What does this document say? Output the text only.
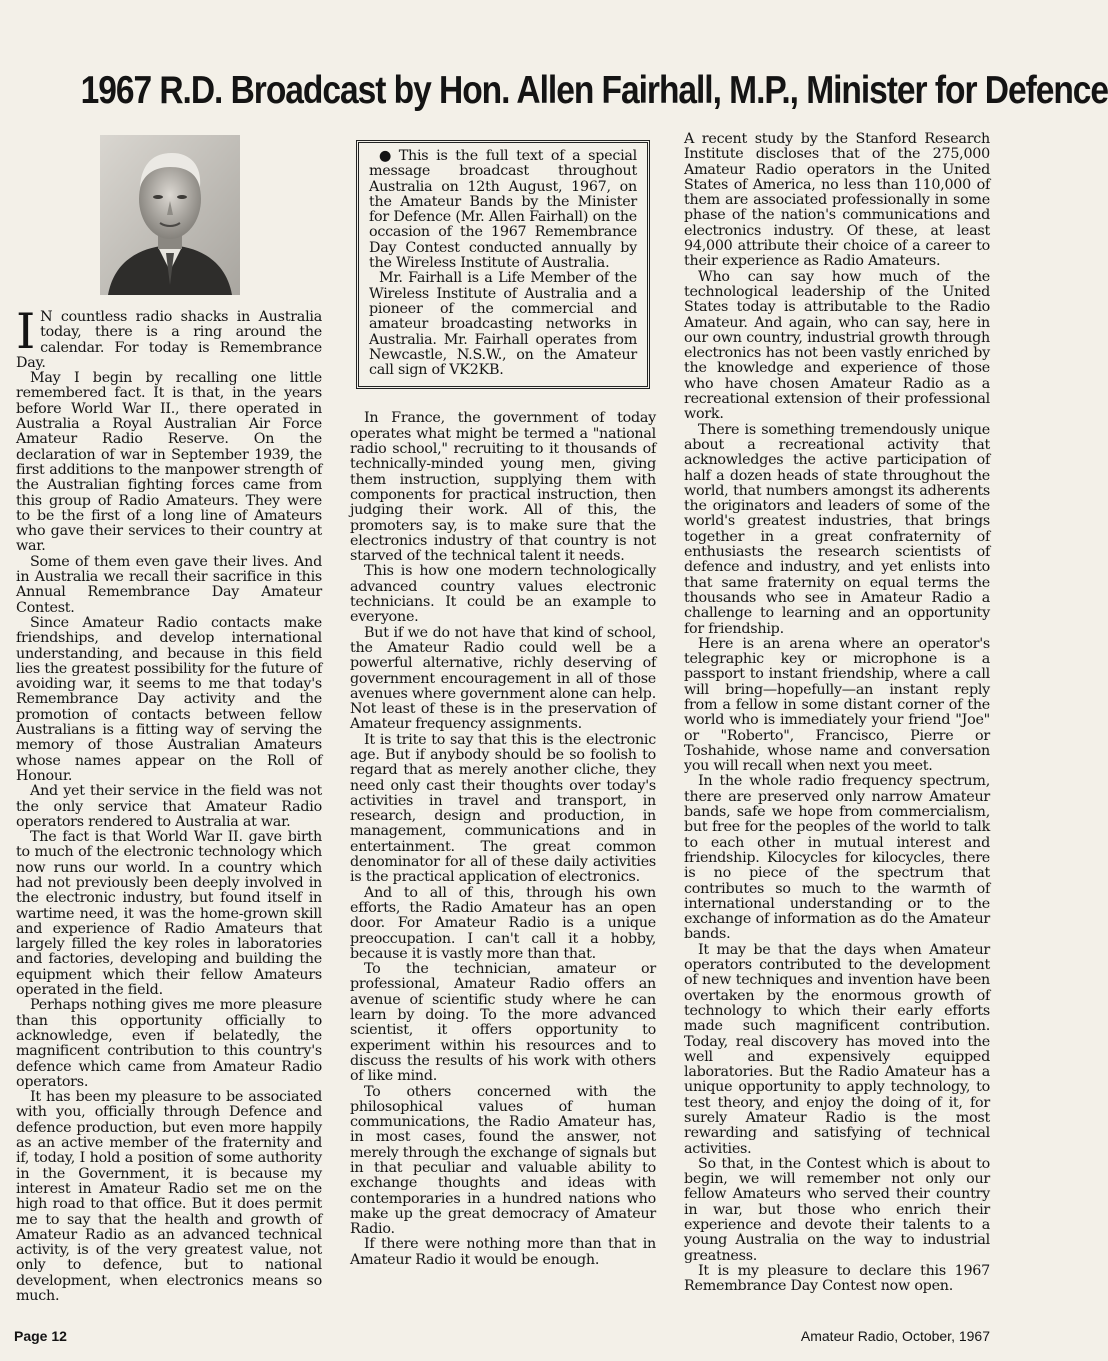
1967 R.D. Broadcast by Hon. Allen Fairhall, M.P., Minister for Defence

I N countless radio shacks in Australia today, there is a ring around the calendar. For today is Remembrance Day.

May I begin by recalling one little remembered fact. It is that, in the years before World War II., there operated in Australia a Royal Australian Air Force Amateur Radio Reserve. On the declaration of war in September 1939, the first additions to the manpower strength of the Australian fighting forces came from this group of Radio Amateurs. They were to be the first of a long line of Amateurs who gave their services to their country at war.

Some of them even gave their lives. And in Australia we recall their sacrifice in this Annual Remembrance Day Amateur Contest.

Since Amateur Radio contacts make friendships, and develop international understanding, and because in this field lies the greatest possibility for the future of avoiding war, it seems to me that today's Remembrance Day activity and the promotion of contacts between fellow Australians is a fitting way of serving the memory of those Australian Amateurs whose names appear on the Roll of Honour.

And yet their service in the field was not the only service that Amateur Radio operators rendered to Australia at war.

The fact is that World War II. gave birth to much of the electronic technology which now runs our world. In a country which had not previously been deeply involved in the electronic industry, but found itself in wartime need, it was the home-grown skill and experience of Radio Amateurs that largely filled the key roles in laboratories and factories, developing and building the equipment which their fellow Amateurs operated in the field.

Perhaps nothing gives me more pleasure than this opportunity officially to acknowledge, even if belatedly, the magnificent contribution to this country's defence which came from Amateur Radio operators.

It has been my pleasure to be associated with you, officially through Defence and defence production, but even more happily as an active member of the fraternity and if, today, I hold a position of some authority in the Government, it is because my interest in Amateur Radio set me on the high road to that office. But it does permit me to say that the health and growth of Amateur Radio as an advanced technical activity, is of the very greatest value, not only to defence, but to national development, when electronics means so much.

● This is the full text of a special message broadcast throughout Australia on 12th August, 1967, on the Amateur Bands by the Minister for Defence (Mr. Allen Fairhall) on the occasion of the 1967 Remembrance Day Contest conducted annually by the Wireless Institute of Australia.

Mr. Fairhall is a Life Member of the Wireless Institute of Australia and a pioneer of the commercial and amateur broadcasting networks in Australia. Mr. Fairhall operates from Newcastle, N.S.W., on the Amateur call sign of VK2KB.

In France, the government of today operates what might be termed a "national radio school," recruiting to it thousands of technically-minded young men, giving them instruction, supplying them with components for practical instruction, then judging their work. All of this, the promoters say, is to make sure that the electronics industry of that country is not starved of the technical talent it needs.

This is how one modern technologically advanced country values electronic technicians. It could be an example to everyone.

But if we do not have that kind of school, the Amateur Radio could well be a powerful alternative, richly deserving of government encouragement in all of those avenues where government alone can help. Not least of these is in the preservation of Amateur frequency assignments.

It is trite to say that this is the electronic age. But if anybody should be so foolish to regard that as merely another cliche, they need only cast their thoughts over today's activities in travel and transport, in research, design and production, in management, communications and in entertainment. The great common denominator for all of these daily activities is the practical application of electronics.

And to all of this, through his own efforts, the Radio Amateur has an open door. For Amateur Radio is a unique preoccupation. I can't call it a hobby, because it is vastly more than that.

To the technician, amateur or professional, Amateur Radio offers an avenue of scientific study where he can learn by doing. To the more advanced scientist, it offers opportunity to experiment within his resources and to discuss the results of his work with others of like mind.

To others concerned with the philosophical values of human communications, the Radio Amateur has, in most cases, found the answer, not merely through the exchange of signals but in that peculiar and valuable ability to exchange thoughts and ideas with contemporaries in a hundred nations who make up the great democracy of Amateur Radio.

If there were nothing more than that in Amateur Radio it would be enough.

A recent study by the Stanford Research Institute discloses that of the 275,000 Amateur Radio operators in the United States of America, no less than 110,000 of them are associated professionally in some phase of the nation's communications and electronics industry. Of these, at least 94,000 attribute their choice of a career to their experience as Radio Amateurs.

Who can say how much of the technological leadership of the United States today is attributable to the Radio Amateur. And again, who can say, here in our own country, industrial growth through electronics has not been vastly enriched by the knowledge and experience of those who have chosen Amateur Radio as a recreational extension of their professional work.

There is something tremendously unique about a recreational activity that acknowledges the active participation of half a dozen heads of state throughout the world, that numbers amongst its adherents the originators and leaders of some of the world's greatest industries, that brings together in a great confraternity of enthusiasts the research scientists of defence and industry, and yet enlists into that same fraternity on equal terms the thousands who see in Amateur Radio a challenge to learning and an opportunity for friendship.

Here is an arena where an operator's telegraphic key or microphone is a passport to instant friendship, where a call will bring—hopefully—an instant reply from a fellow in some distant corner of the world who is immediately your friend "Joe" or "Roberto", Francisco, Pierre or Toshahide, whose name and conversation you will recall when next you meet.

In the whole radio frequency spectrum, there are preserved only narrow Amateur bands, safe we hope from commercialism, but free for the peoples of the world to talk to each other in mutual interest and friendship. Kilocycles for kilocycles, there is no piece of the spectrum that contributes so much to the warmth of international understanding or to the exchange of information as do the Amateur bands.

It may be that the days when Amateur operators contributed to the development of new techniques and invention have been overtaken by the enormous growth of technology to which their early efforts made such magnificent contribution. Today, real discovery has moved into the well and expensively equipped laboratories. But the Radio Amateur has a unique opportunity to apply technology, to test theory, and enjoy the doing of it, for surely Amateur Radio is the most rewarding and satisfying of technical activities.

So that, in the Contest which is about to begin, we will remember not only our fellow Amateurs who served their country in war, but those who enrich their experience and devote their talents to a young Australia on the way to industrial greatness.

It is my pleasure to declare this 1967 Remembrance Day Contest now open.

Page 12	Amateur Radio, October, 1967
